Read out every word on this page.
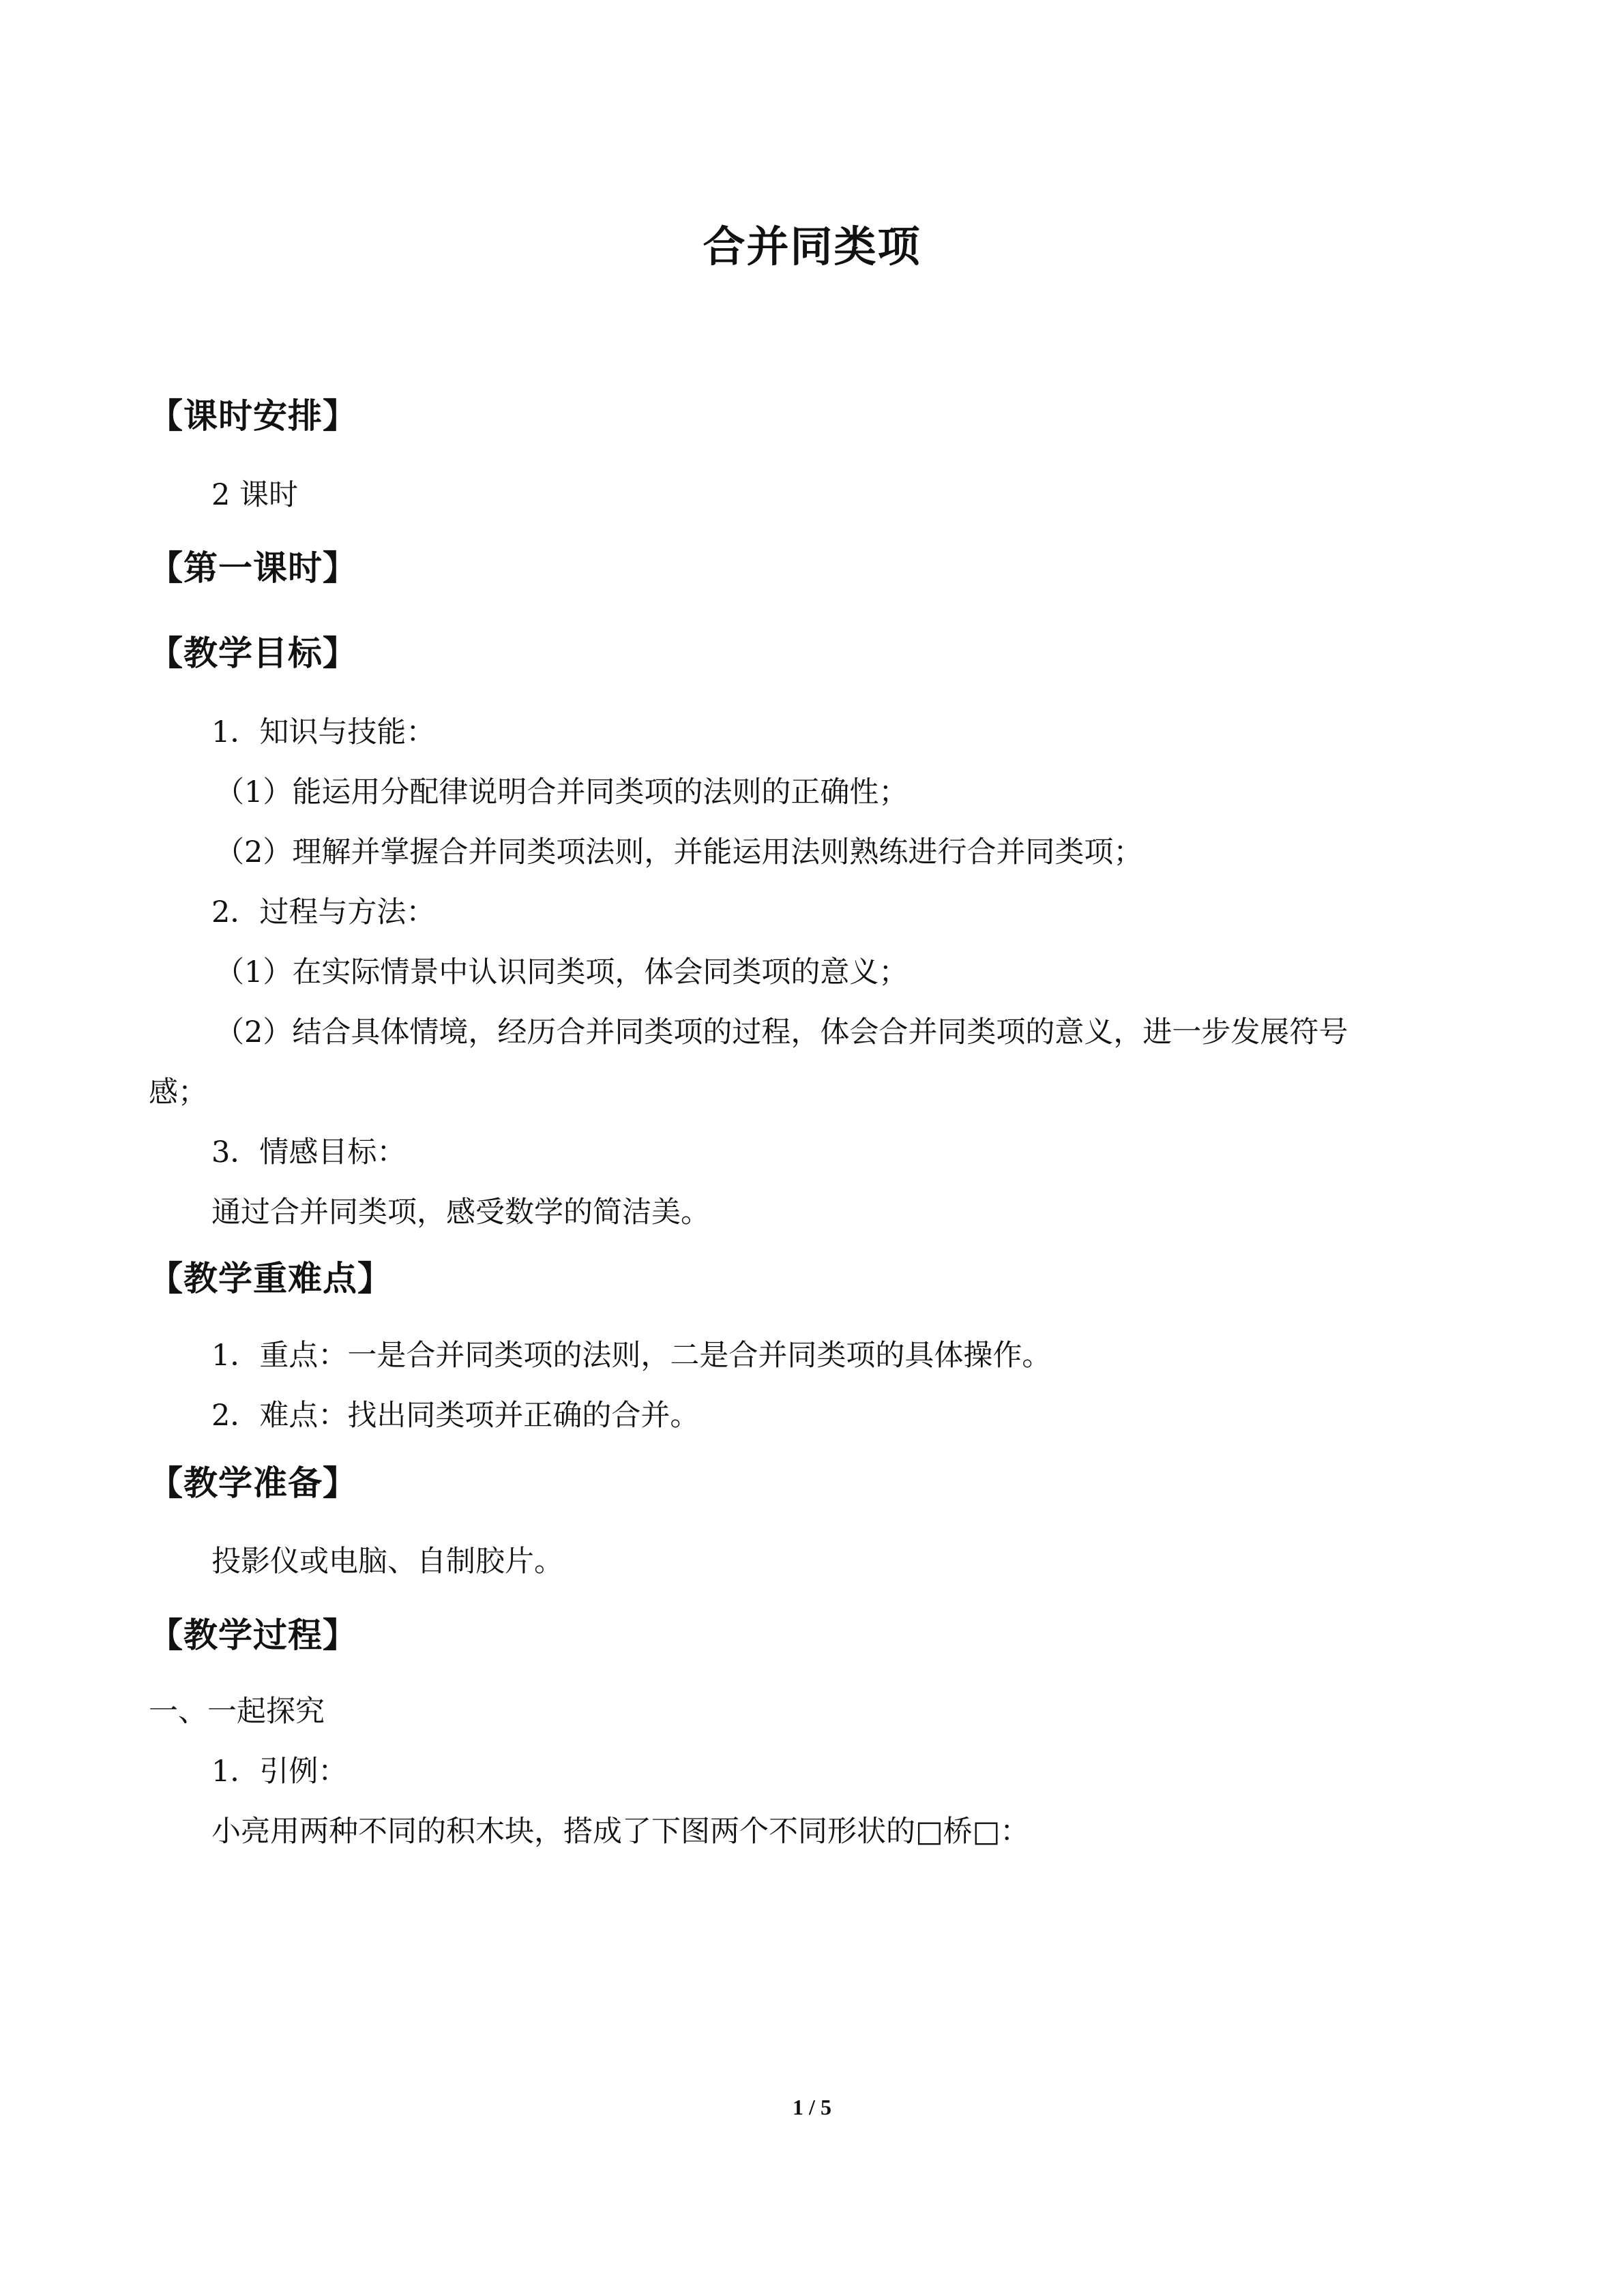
合并同类项
【课时安排】
2 课时
【第一课时】
【教学目标】
1．知识与技能：
（1）能运用分配律说明合并同类项的法则的正确性；
（2）理解并掌握合并同类项法则，并能运用法则熟练进行合并同类项；
2．过程与方法：
（1）在实际情景中认识同类项，体会同类项的意义；
（2）结合具体情境，经历合并同类项的过程，体会合并同类项的意义，进一步发展符号
感；
3．情感目标：
通过合并同类项，感受数学的简洁美。
【教学重难点】
1．重点：一是合并同类项的法则，二是合并同类项的具体操作。
2．难点：找出同类项并正确的合并。
【教学准备】
投影仪或电脑、自制胶片。
【教学过程】
一、一起探究
1．引例：
小亮用两种不同的积木块，搭成了下图两个不同形状的□桥□：
1 / 5
